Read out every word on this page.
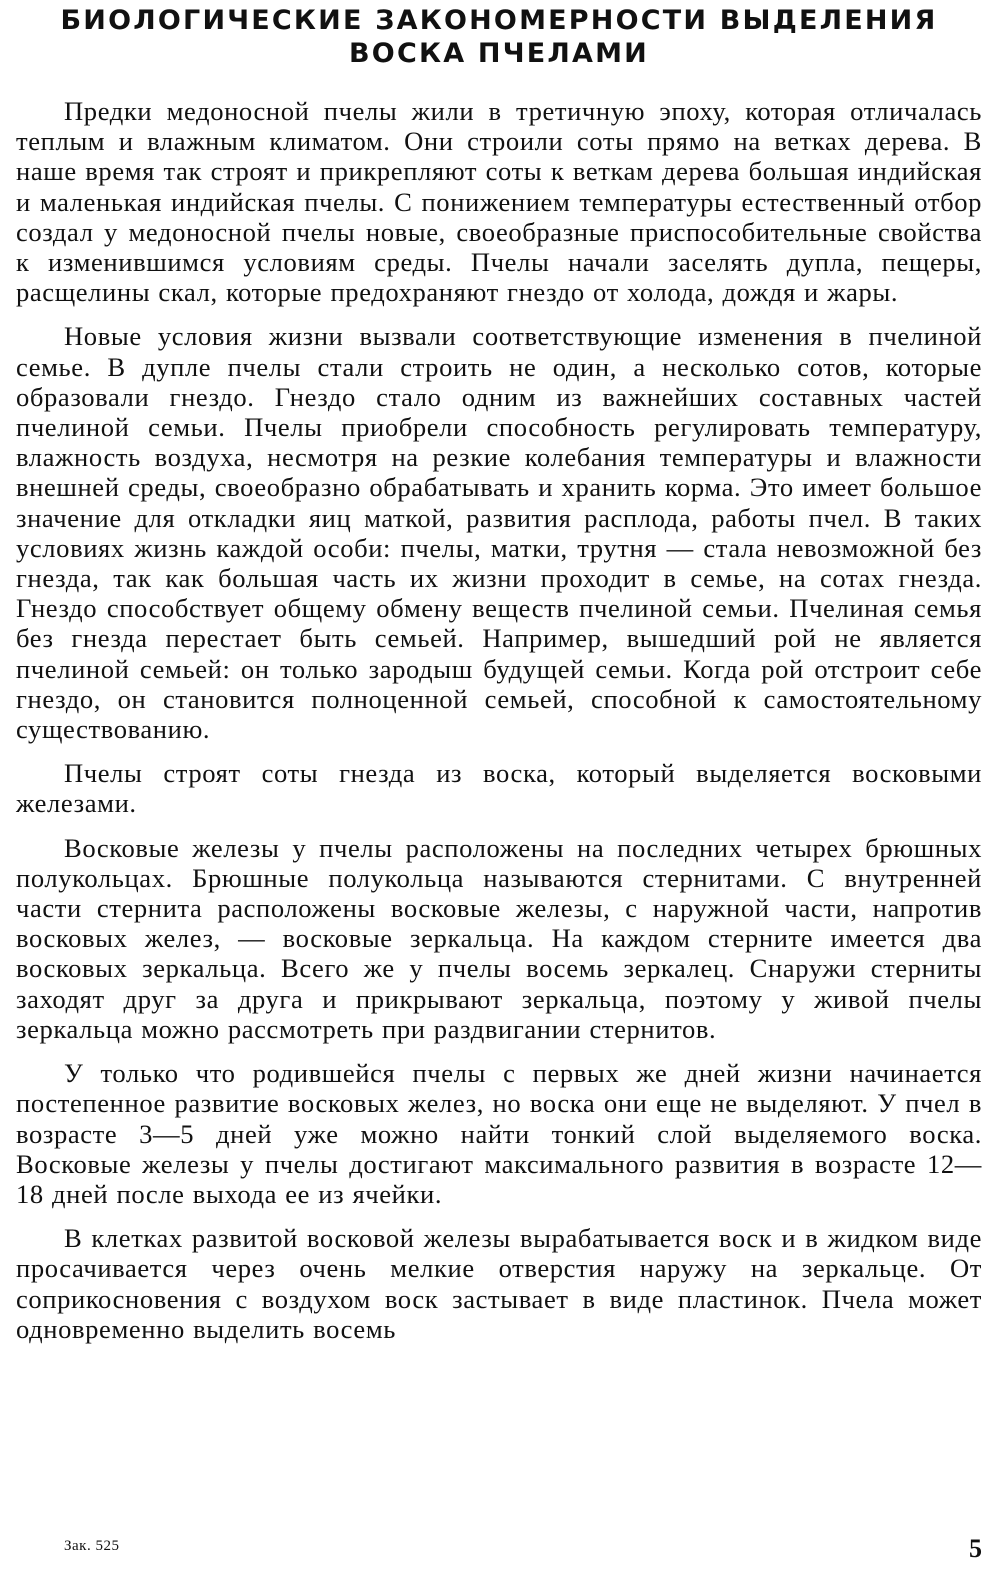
БИОЛОГИЧЕСКИЕ ЗАКОНОМЕРНОСТИ ВЫДЕЛЕНИЯ
ВОСКА ПЧЕЛАМИ

Предки медоносной пчелы жили в третичную эпоху, которая отличалась теплым и влажным климатом. Они строили соты прямо на ветках дерева. В наше время так строят и прикрепляют соты к веткам дерева большая индийская и маленькая индийская пчелы. С понижением температуры естественный отбор создал у медоносной пчелы новые, своеобразные приспособительные свойства к изменившимся условиям среды. Пчелы начали заселять дупла, пещеры, расщелины скал, которые предохраняют гнездо от холода, дождя и жары.

Новые условия жизни вызвали соответствующие изменения в пчелиной семье. В дупле пчелы стали строить не один, а несколько сотов, которые образовали гнездо. Гнездо стало одним из важнейших составных частей пчелиной семьи. Пчелы приобрели способность регулировать температуру, влажность воздуха, несмотря на резкие колебания температуры и влажности внешней среды, своеобразно обрабатывать и хранить корма. Это имеет большое значение для откладки яиц маткой, развития расплода, работы пчел. В таких условиях жизнь каждой особи: пчелы, матки, трутня — стала невозможной без гнезда, так как большая часть их жизни проходит в семье, на сотах гнезда. Гнездо способствует общему обмену веществ пчелиной семьи. Пчелиная семья без гнезда перестает быть семьей. Например, вышедший рой не является пчелиной семьей: он только зародыш будущей семьи. Когда рой отстроит себе гнездо, он становится полноценной семьей, способной к самостоятельному существованию.

Пчелы строят соты гнезда из воска, который выделяется восковыми железами.

Восковые железы у пчелы расположены на последних четырех брюшных полукольцах. Брюшные полукольца называются стернитами. С внутренней части стернита расположены восковые железы, с наружной части, напротив восковых желез, — восковые зеркальца. На каждом стерните имеется два восковых зеркальца. Всего же у пчелы восемь зеркалец. Снаружи стерниты заходят друг за друга и прикрывают зеркальца, поэтому у живой пчелы зеркальца можно рассмотреть при раздвигании стернитов.

У только что родившейся пчелы с первых же дней жизни начинается постепенное развитие восковых желез, но воска они еще не выделяют. У пчел в возрасте 3—5 дней уже можно найти тонкий слой выделяемого воска. Восковые железы у пчелы достигают максимального развития в возрасте 12—18 дней после выхода ее из ячейки.

В клетках развитой восковой железы вырабатывается воск и в жидком виде просачивается через очень мелкие отверстия наружу на зеркальце. От соприкосновения с воздухом воск застывает в виде пластинок. Пчела может одновременно выделить восемь

Зак. 525	5
